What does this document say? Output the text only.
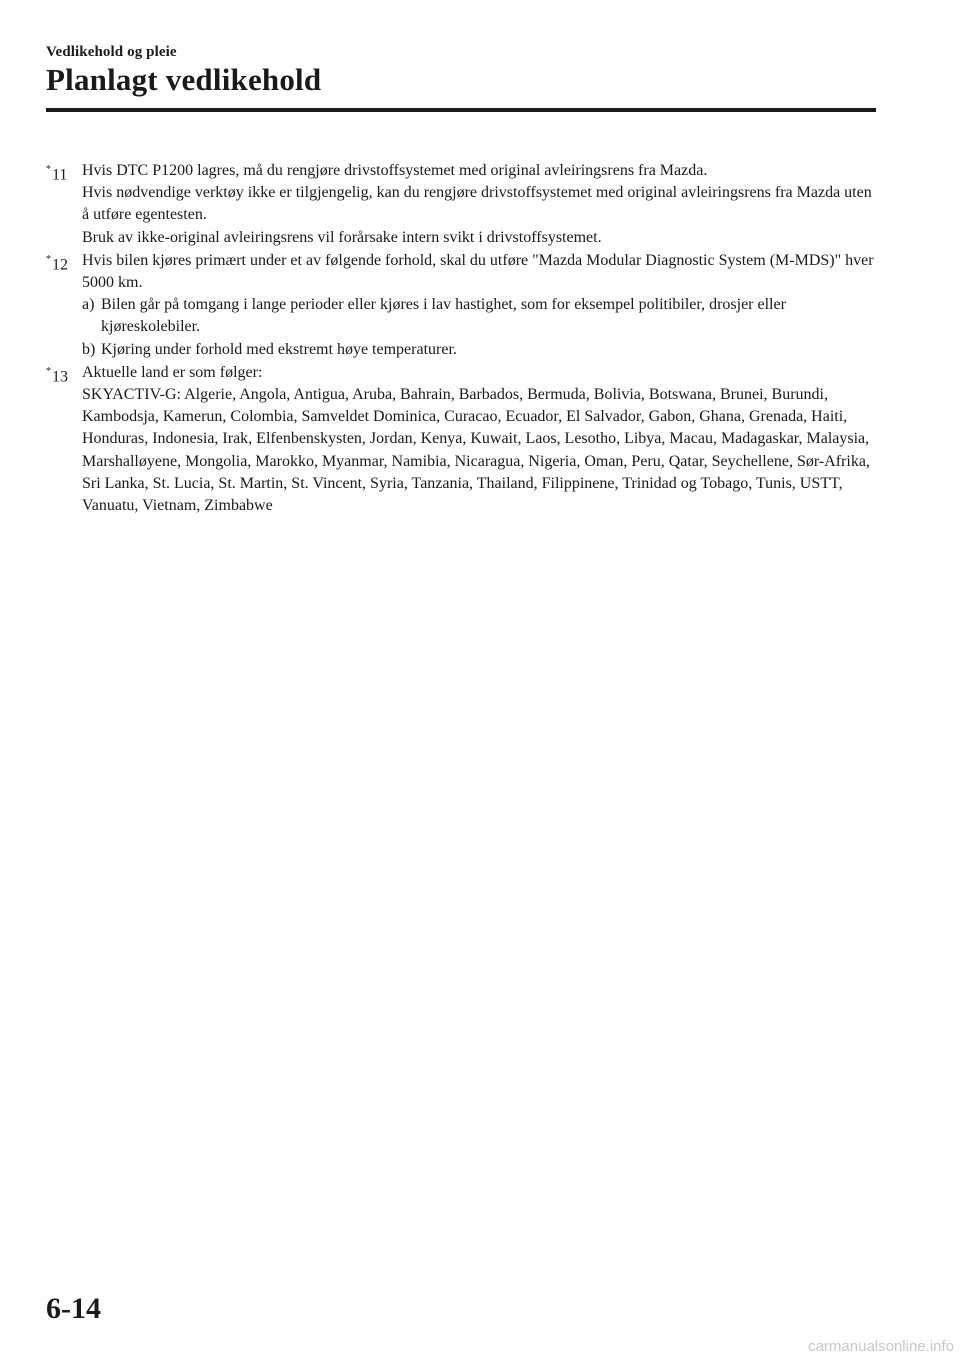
Vedlikehold og pleie
Planlagt vedlikehold
*11 Hvis DTC P1200 lagres, må du rengjøre drivstoffsystemet med original avleiringsrens fra Mazda.

Hvis nødvendige verktøy ikke er tilgjengelig, kan du rengjøre drivstoffsystemet med original avleiringsrens fra Mazda uten å utføre egentesten.

Bruk av ikke-original avleiringsrens vil forårsake intern svikt i drivstoffsystemet.

*12 Hvis bilen kjøres primært under et av følgende forhold, skal du utføre "Mazda Modular Diagnostic System (M-MDS)" hver 5000 km.

a) Bilen går på tomgang i lange perioder eller kjøres i lav hastighet, som for eksempel politibiler, drosjer eller kjøreskolebiler.
b) Kjøring under forhold med ekstremt høye temperaturer.
*13 Aktuelle land er som følger:

SKYACTIV-G: Algerie, Angola, Antigua, Aruba, Bahrain, Barbados, Bermuda, Bolivia, Botswana, Brunei, Burundi, Kambodsja, Kamerun, Colombia, Samveldet Dominica, Curacao, Ecuador, El Salvador, Gabon, Ghana, Grenada, Haiti, Honduras, Indonesia, Irak, Elfenbenskysten, Jordan, Kenya, Kuwait, Laos, Lesotho, Libya, Macau, Madagaskar, Malaysia, Marshalløyene, Mongolia, Marokko, Myanmar, Namibia, Nicaragua, Nigeria, Oman, Peru, Qatar, Seychellene, Sør-Afrika, Sri Lanka, St. Lucia, St. Martin, St. Vincent, Syria, Tanzania, Thailand, Filippinene, Trinidad og Tobago, Tunis, USTT, Vanuatu, Vietnam, Zimbabwe

6-14
carmanualsonline.info
